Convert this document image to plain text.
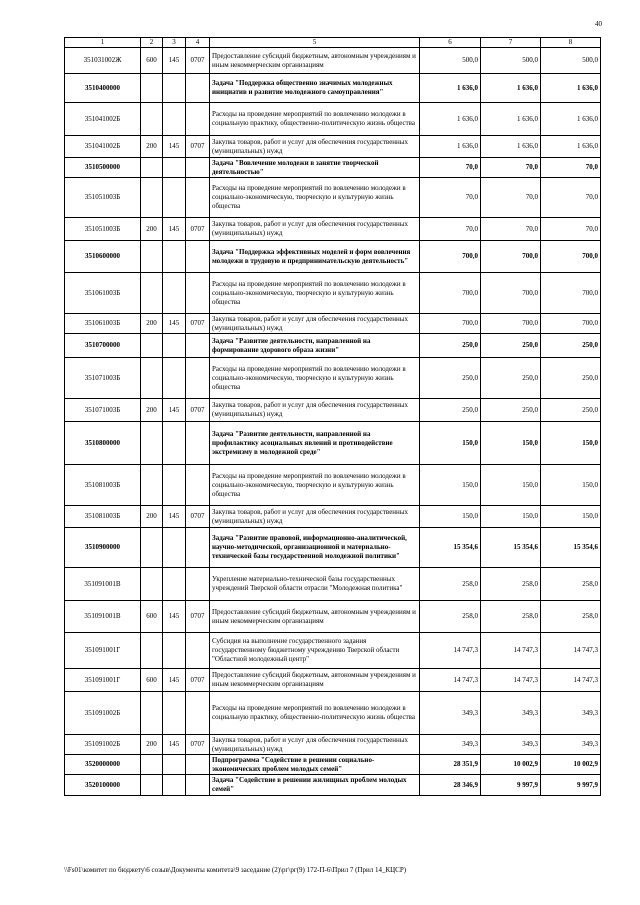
40
1	2	3	4	5	6	7	8
351031002Ж	600	145	0707	Предоставление субсидий бюджетным, автономным учреждениям и иным некоммерческим организациям	500,0	500,0	500,0
3510400000				Задача "Поддержка общественно значимых молодежных инициатив и развитие молодежного самоуправления"	1 636,0	1 636,0	1 636,0
351041002Б				Расходы на проведение мероприятий по вовлечению молодежи в социальную практику, общественно-политическую жизнь общества	1 636,0	1 636,0	1 636,0
351041002Б	200	145	0707	Закупка товаров, работ и услуг для обеспечения государственных (муниципальных) нужд	1 636,0	1 636,0	1 636,0
3510500000				Задача "Вовлечение молодежи в занятие творческой деятельностью"	70,0	70,0	70,0
351051003Б				Расходы на проведение мероприятий по вовлечению молодежи в социально-экономическую, творческую и культурную жизнь общества	70,0	70,0	70,0
351051003Б	200	145	0707	Закупка товаров, работ и услуг для обеспечения государственных (муниципальных) нужд	70,0	70,0	70,0
3510600000				Задача "Поддержка эффективных моделей и форм вовлечения молодежи в трудовую и предпринимательскую деятельность"	700,0	700,0	700,0
351061003Б				Расходы на проведение мероприятий по вовлечению молодежи в социально-экономическую, творческую и культурную жизнь общества	700,0	700,0	700,0
351061003Б	200	145	0707	Закупка товаров, работ и услуг для обеспечения государственных (муниципальных) нужд	700,0	700,0	700,0
3510700000				Задача "Развитие деятельности, направленной на формирование здорового образа жизни"	250,0	250,0	250,0
351071003Б				Расходы на проведение мероприятий по вовлечению молодежи в социально-экономическую, творческую и культурную жизнь общества	250,0	250,0	250,0
351071003Б	200	145	0707	Закупка товаров, работ и услуг для обеспечения государственных (муниципальных) нужд	250,0	250,0	250,0
3510800000				Задача "Развитие деятельности, направленной на профилактику асоциальных явлений и противодействие экстремизму в молодежной среде"	150,0	150,0	150,0
351081003Б				Расходы на проведение мероприятий по вовлечению молодежи в социально-экономическую, творческую и культурную жизнь общества	150,0	150,0	150,0
351081003Б	200	145	0707	Закупка товаров, работ и услуг для обеспечения государственных (муниципальных) нужд	150,0	150,0	150,0
3510900000				Задача "Развитие правовой, информационно-аналитической, научно-методической, организационной и материально-технической базы государственной молодежной политики"	15 354,6	15 354,6	15 354,6
351091001В				Укрепление материально-технической базы государственных учреждений Тверской области отрасли "Молодежная политика"	258,0	258,0	258,0
351091001В	600	145	0707	Предоставление субсидий бюджетным, автономным учреждениям и иным некоммерческим организациям	258,0	258,0	258,0
351091001Г				Субсидия на выполнение государственного задания государственному бюджетному учреждению Тверской области "Областной молодежный центр"	14 747,3	14 747,3	14 747,3
351091001Г	600	145	0707	Предоставление субсидий бюджетным, автономным учреждениям и иным некоммерческим организациям	14 747,3	14 747,3	14 747,3
351091002Б				Расходы на проведение мероприятий по вовлечению молодежи в социальную практику, общественно-политическую жизнь общества	349,3	349,3	349,3
351091002Б	200	145	0707	Закупка товаров, работ и услуг для обеспечения государственных (муниципальных) нужд	349,3	349,3	349,3
3520000000				Подпрограмма "Содействие в решении социально-экономических проблем молодых семей"	28 351,9	10 002,9	10 002,9
3520100000				Задача "Содействие в решении жилищных проблем молодых семей"	28 346,9	9 997,9	9 997,9
\\Fs01\комитет по бюджету\6 созыв\Документы комитета\9 заседание (2)\рг\рг(9) 172-П-6\Прил 7 (Прил 14_КЦСР)
